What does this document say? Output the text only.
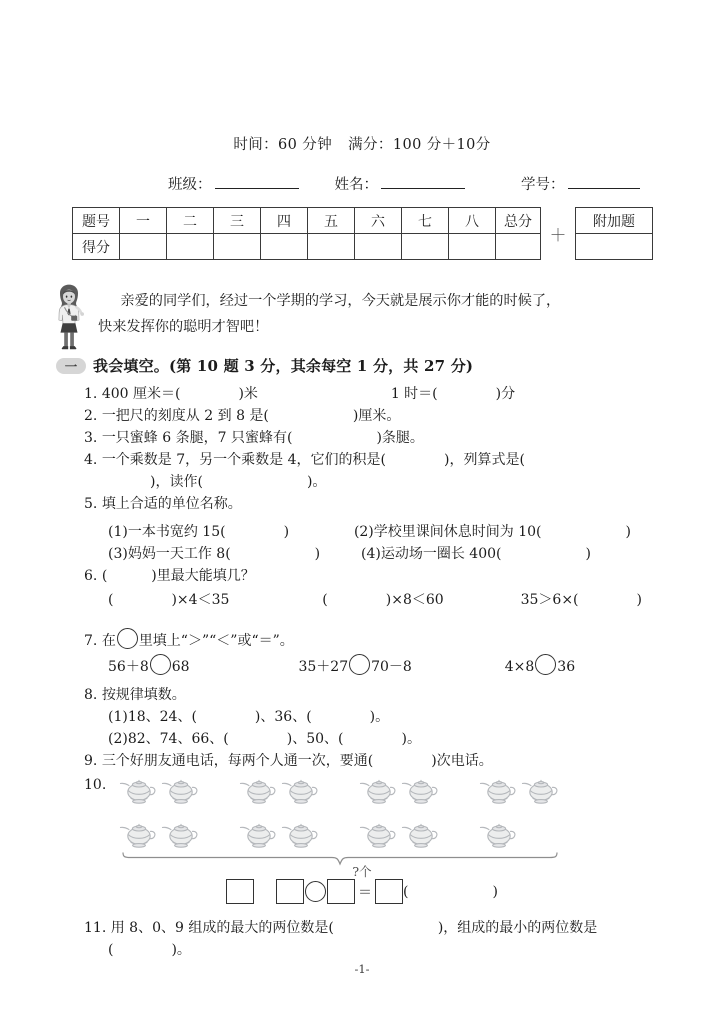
时间：60 分钟 满分：100 分＋10分
班级：	姓名：	学号：
题号	一	二	三	四	五	六	七	八	总分
得分									
＋
附加题

亲爱的同学们，经过一个学期的学习，今天就是展示你才能的时候了，

快来发挥你的聪明才智吧！

一	我会填空。(第 10 题 3 分，其余每空 1 分，共 27 分)
1. 400 厘米＝(	)米	1 时＝(	)分
2. 一把尺的刻度从 2 到 8 是(	)厘米。
3. 一只蜜蜂 6 条腿，7 只蜜蜂有(	)条腿。
4. 一个乘数是 7，另一个乘数是 4，它们的积是(	)，列算式是(
)，读作(	)。
5. 填上合适的单位名称。
(1)一本书宽约 15(	)	(2)学校里课间休息时间为 10(	)
(3)妈妈一天工作 8(	)	(4)运动场一圈长 400(	)
6. (	)里最大能填几？
(	)×4＜35	(	)×8＜60	35＞6×(	)
7. 在 里填上“＞”“＜”或“＝”。
56＋8 68	35＋27 70－8	4×8 36
8. 按规律填数。
(1)18、24、(	)、36、(	)。
(2)82、74、66、(	)、50、(	)。
9. 三个好朋友通电话，每两个人通一次，要通(	)次电话。
10.
?个
＝ (	)
11. 用 8、0、9 组成的最大的两位数是(	)，组成的最小的两位数是
(	)。
-1-
